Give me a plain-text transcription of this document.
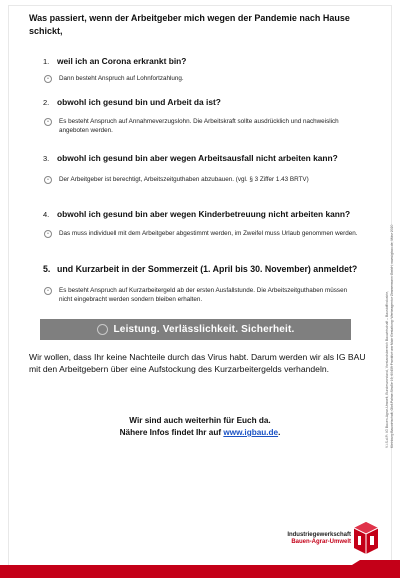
Was passiert, wenn der Arbeitgeber mich wegen der Pandemie nach Hause schickt,
1. weil ich an Corona erkrankt bin?
•	Dann besteht Anspruch auf Lohnfortzahlung.
2. obwohl ich gesund bin und Arbeit da ist?
•	Es besteht Anspruch auf Annahmeverzugslohn. Die Arbeitskraft sollte ausdrücklich und nachweislich angeboten werden.
3. obwohl ich gesund bin aber wegen Arbeitsausfall nicht arbeiten kann?
•	Der Arbeitgeber ist berechtigt, Arbeitszeitguthaben abzubauen. (vgl. § 3 Ziffer 1.43 BRTV)
4. obwohl ich gesund bin aber wegen Kinderbetreuung nicht arbeiten kann?
•	Das muss individuell mit dem Arbeitgeber abgestimmt werden, im Zweifel muss Urlaub genommen werden.
5. und Kurzarbeit in der Sommerzeit (1. April bis 30. November) anmeldet?
•	Es besteht Anspruch auf Kurzarbeitergeld ab der ersten Ausfallstunde. Die Arbeitszeitguthaben müssen nicht eingebracht werden sondern bleiben erhalten.
Leistung. Verlässlichkeit. Sicherheit.
Wir wollen, dass Ihr keine Nachteile durch das Virus habt. Darum werden wir als IG BAU mit den Arbeitgebern über eine Aufstockung des Kurzarbeitergelds verhandeln.
Wir sind auch weiterhin für Euch da.
Nähere Infos findet Ihr auf www.igbau.de.	V.i.S.d.P.: IG Bauen-Agrar-Umwelt, Bundesvorstand, Vorstandsbereich Bauwirtschaft – Baustoffindustrie, Kleinburg Bauwirtschaft, Olof-Palme-Straße 19, 60439 Frankfurt am Main Gestaltung: Werbeagentur Zimmermann GmbH, www.igbau.de, März 2020
Industriegewerkschaft
Bauen-Agrar-Umwelt
